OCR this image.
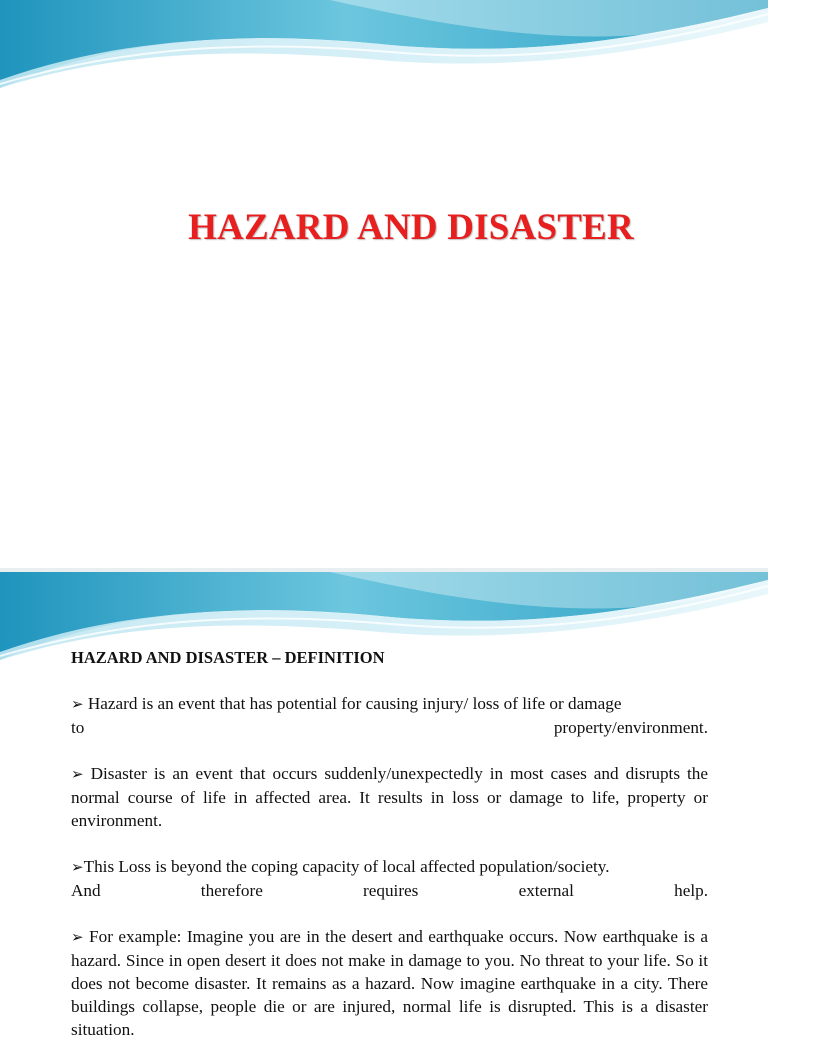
HAZARD AND DISASTER
HAZARD AND DISASTER – DEFINITION
➢ Hazard is an event that has potential for causing injury/ loss of life or damage
to	property/environment.
➢ Disaster is an event that occurs suddenly/unexpectedly in most cases and disrupts the normal course of life in affected area. It results in loss or damage to life, property or environment.
➢This Loss is beyond the coping capacity of local affected population/society.
And	therefore	requires	external	help.
➢ For example: Imagine you are in the desert and earthquake occurs. Now earthquake is a hazard. Since in open desert it does not make in damage to you. No threat to your life. So it does not become disaster. It remains as a hazard. Now imagine earthquake in a city. There buildings collapse, people die or are injured, normal life is disrupted. This is a disaster situation.
